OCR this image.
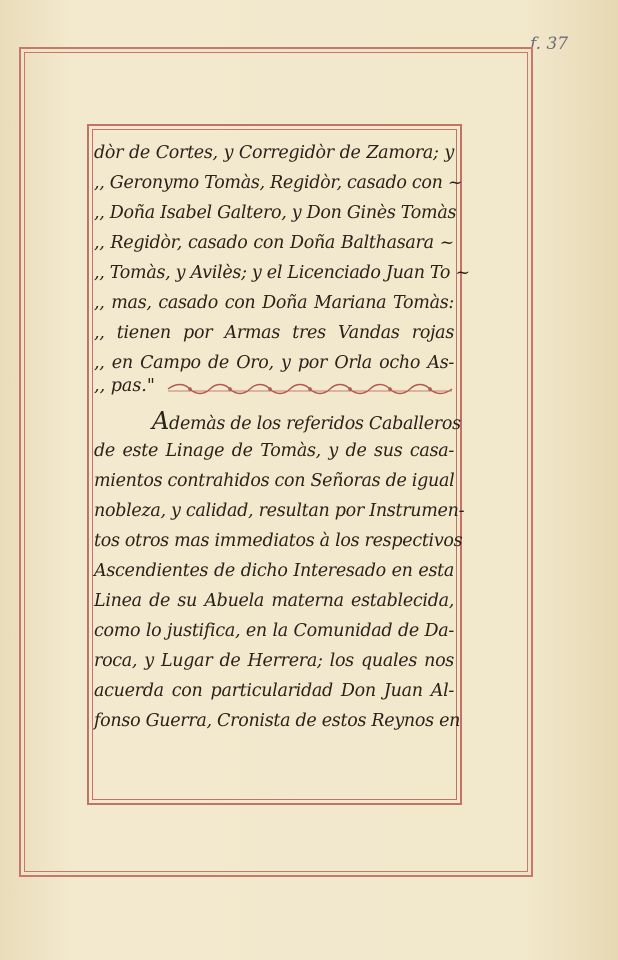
f. 37
dòr de Cortes, y Corregidòr de Zamora; y
,, Geronymo Tomàs, Regidòr, casado con ~
,, Doña Isabel Galtero, y Don Ginès Tomàs
,, Regidòr, casado con Doña Balthasara ~
,, Tomàs, y Avilès; y el Licenciado Juan To ~
,, mas, casado con Doña Mariana Tomàs:
,, tienen por Armas tres Vandas rojas
,, en Campo de Oro, y por Orla ocho As-
,, pas."
Ademàs de los referidos Caballeros
de este Linage de Tomàs, y de sus casa-
mientos contrahidos con Señoras de igual
nobleza, y calidad, resultan por Instrumen-
tos otros mas immediatos à los respectivos
Ascendientes de dicho Interesado en esta
Linea de su Abuela materna establecida,
como lo justifica, en la Comunidad de Da-
roca, y Lugar de Herrera; los quales nos
acuerda con particularidad Don Juan Al-
fonso Guerra, Cronista de estos Reynos en
